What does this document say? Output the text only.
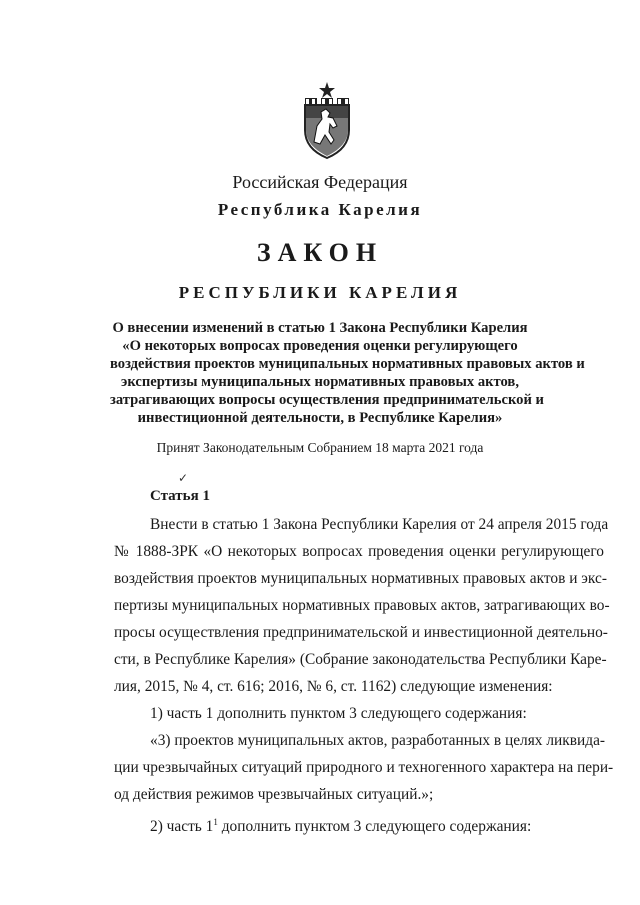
Российская Федерация
Республика Карелия
ЗАКОН
РЕСПУБЛИКИ КАРЕЛИЯ
О внесении изменений в статью 1 Закона Республики Карелия
«О некоторых вопросах проведения оценки регулирующего
воздействия проектов муниципальных нормативных правовых актов и
экспертизы муниципальных нормативных правовых актов,
затрагивающих вопросы осуществления предпринимательской и
инвестиционной деятельности, в Республике Карелия»
Принят Законодательным Собранием 18 марта 2021 года
✓
Статья 1
Внести в статью 1 Закона Республики Карелия от 24 апреля 2015 года
№ 1888-ЗРК «О некоторых вопросах проведения оценки регулирующего
воздействия проектов муниципальных нормативных правовых актов и экс-
пертизы муниципальных нормативных правовых актов, затрагивающих во-
просы осуществления предпринимательской и инвестиционной деятельно-
сти, в Республике Карелия» (Собрание законодательства Республики Каре-
лия, 2015, № 4, ст. 616; 2016, № 6, ст. 1162) следующие изменения:
1) часть 1 дополнить пунктом 3 следующего содержания:
«3) проектов муниципальных актов, разработанных в целях ликвида-
ции чрезвычайных ситуаций природного и техногенного характера на пери-
од действия режимов чрезвычайных ситуаций.»;
2) часть $1^1$ дополнить пунктом 3 следующего содержания:
